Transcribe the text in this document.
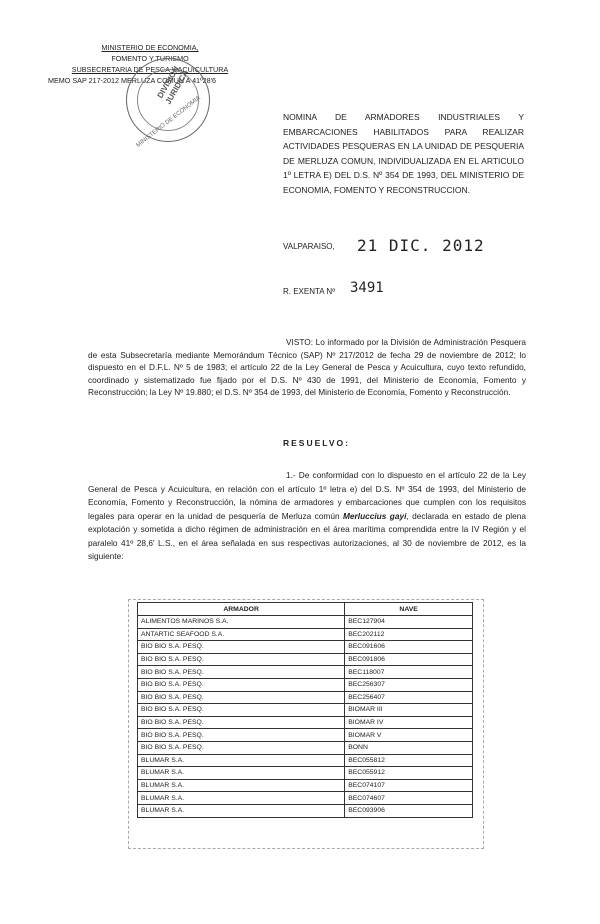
MINISTERIO DE ECONOMIA,
FOMENTO Y TURISMO
SUBSECRETARIA DE PESCA Y ACUICULTURA
MEMO SAP 217-2012 MERLUZA COMUN A 41º28'6
DIVISION JURIDICA
MINISTERIO DE ECONOMIA	NOMINA DE ARMADORES INDUSTRIALES Y EMBARCACIONES HABILITADOS PARA REALIZAR ACTIVIDADES PESQUERAS EN LA UNIDAD DE PESQUERIA DE MERLUZA COMUN, INDIVIDUALIZADA EN EL ARTICULO 1º LETRA E) DEL D.S. Nº 354 DE 1993, DEL MINISTERIO DE ECONOMIA, FOMENTO Y RECONSTRUCCION.
VALPARAISO, 21 DIC. 2012
R. EXENTA Nº 3491
VISTO: Lo informado por la División de Administración Pesquera de esta Subsecretaría mediante Memorándum Técnico (SAP) Nº 217/2012 de fecha 29 de noviembre de 2012; lo dispuesto en el D.F.L. Nº 5 de 1983; el artículo 22 de la Ley General de Pesca y Acuicultura, cuyo texto refundido, coordinado y sistematizado fue fijado por el D.S. Nº 430 de 1991, del Ministerio de Economía, Fomento y Reconstrucción; la Ley Nº 19.880; el D.S. Nº 354 de 1993, del Ministerio de Economía, Fomento y Reconstrucción.
RESUELVO:
1.- De conformidad con lo dispuesto en el artículo 22 de la Ley General de Pesca y Acuicultura, en relación con el artículo 1º letra e) del D.S. Nº 354 de 1993, del Ministerio de Economía, Fomento y Reconstrucción, la nómina de armadores y embarcaciones que cumplen con los requisitos legales para operar en la unidad de pesquería de Merluza común Merluccius gayi, declarada en estado de plena explotación y sometida a dicho régimen de administración en el área marítima comprendida entre la IV Región y el paralelo 41º 28,6' L.S., en el área señalada en sus respectivas autorizaciones, al 30 de noviembre de 2012, es la siguiente:
ARMADOR	NAVE
ALIMENTOS MARINOS S.A.	BEC127904
ANTARTIC SEAFOOD S.A.	BEC202112
BIO BIO S.A. PESQ.	BEC091606
BIO BIO S.A. PESQ.	BEC091806
BIO BIO S.A. PESQ.	BEC118007
BIO BIO S.A. PESQ.	BEC256307
BIO BIO S.A. PESQ.	BEC256407
BIO BIO S.A. PESQ.	BIOMAR III
BIO BIO S.A. PESQ.	BIOMAR IV
BIO BIO S.A. PESQ.	BIOMAR V
BIO BIO S.A. PESQ.	BONN
BLUMAR S.A.	BEC055812
BLUMAR S.A.	BEC055912
BLUMAR S.A.	BEC074107
BLUMAR S.A.	BEC074607
BLUMAR S.A.	BEC093906
